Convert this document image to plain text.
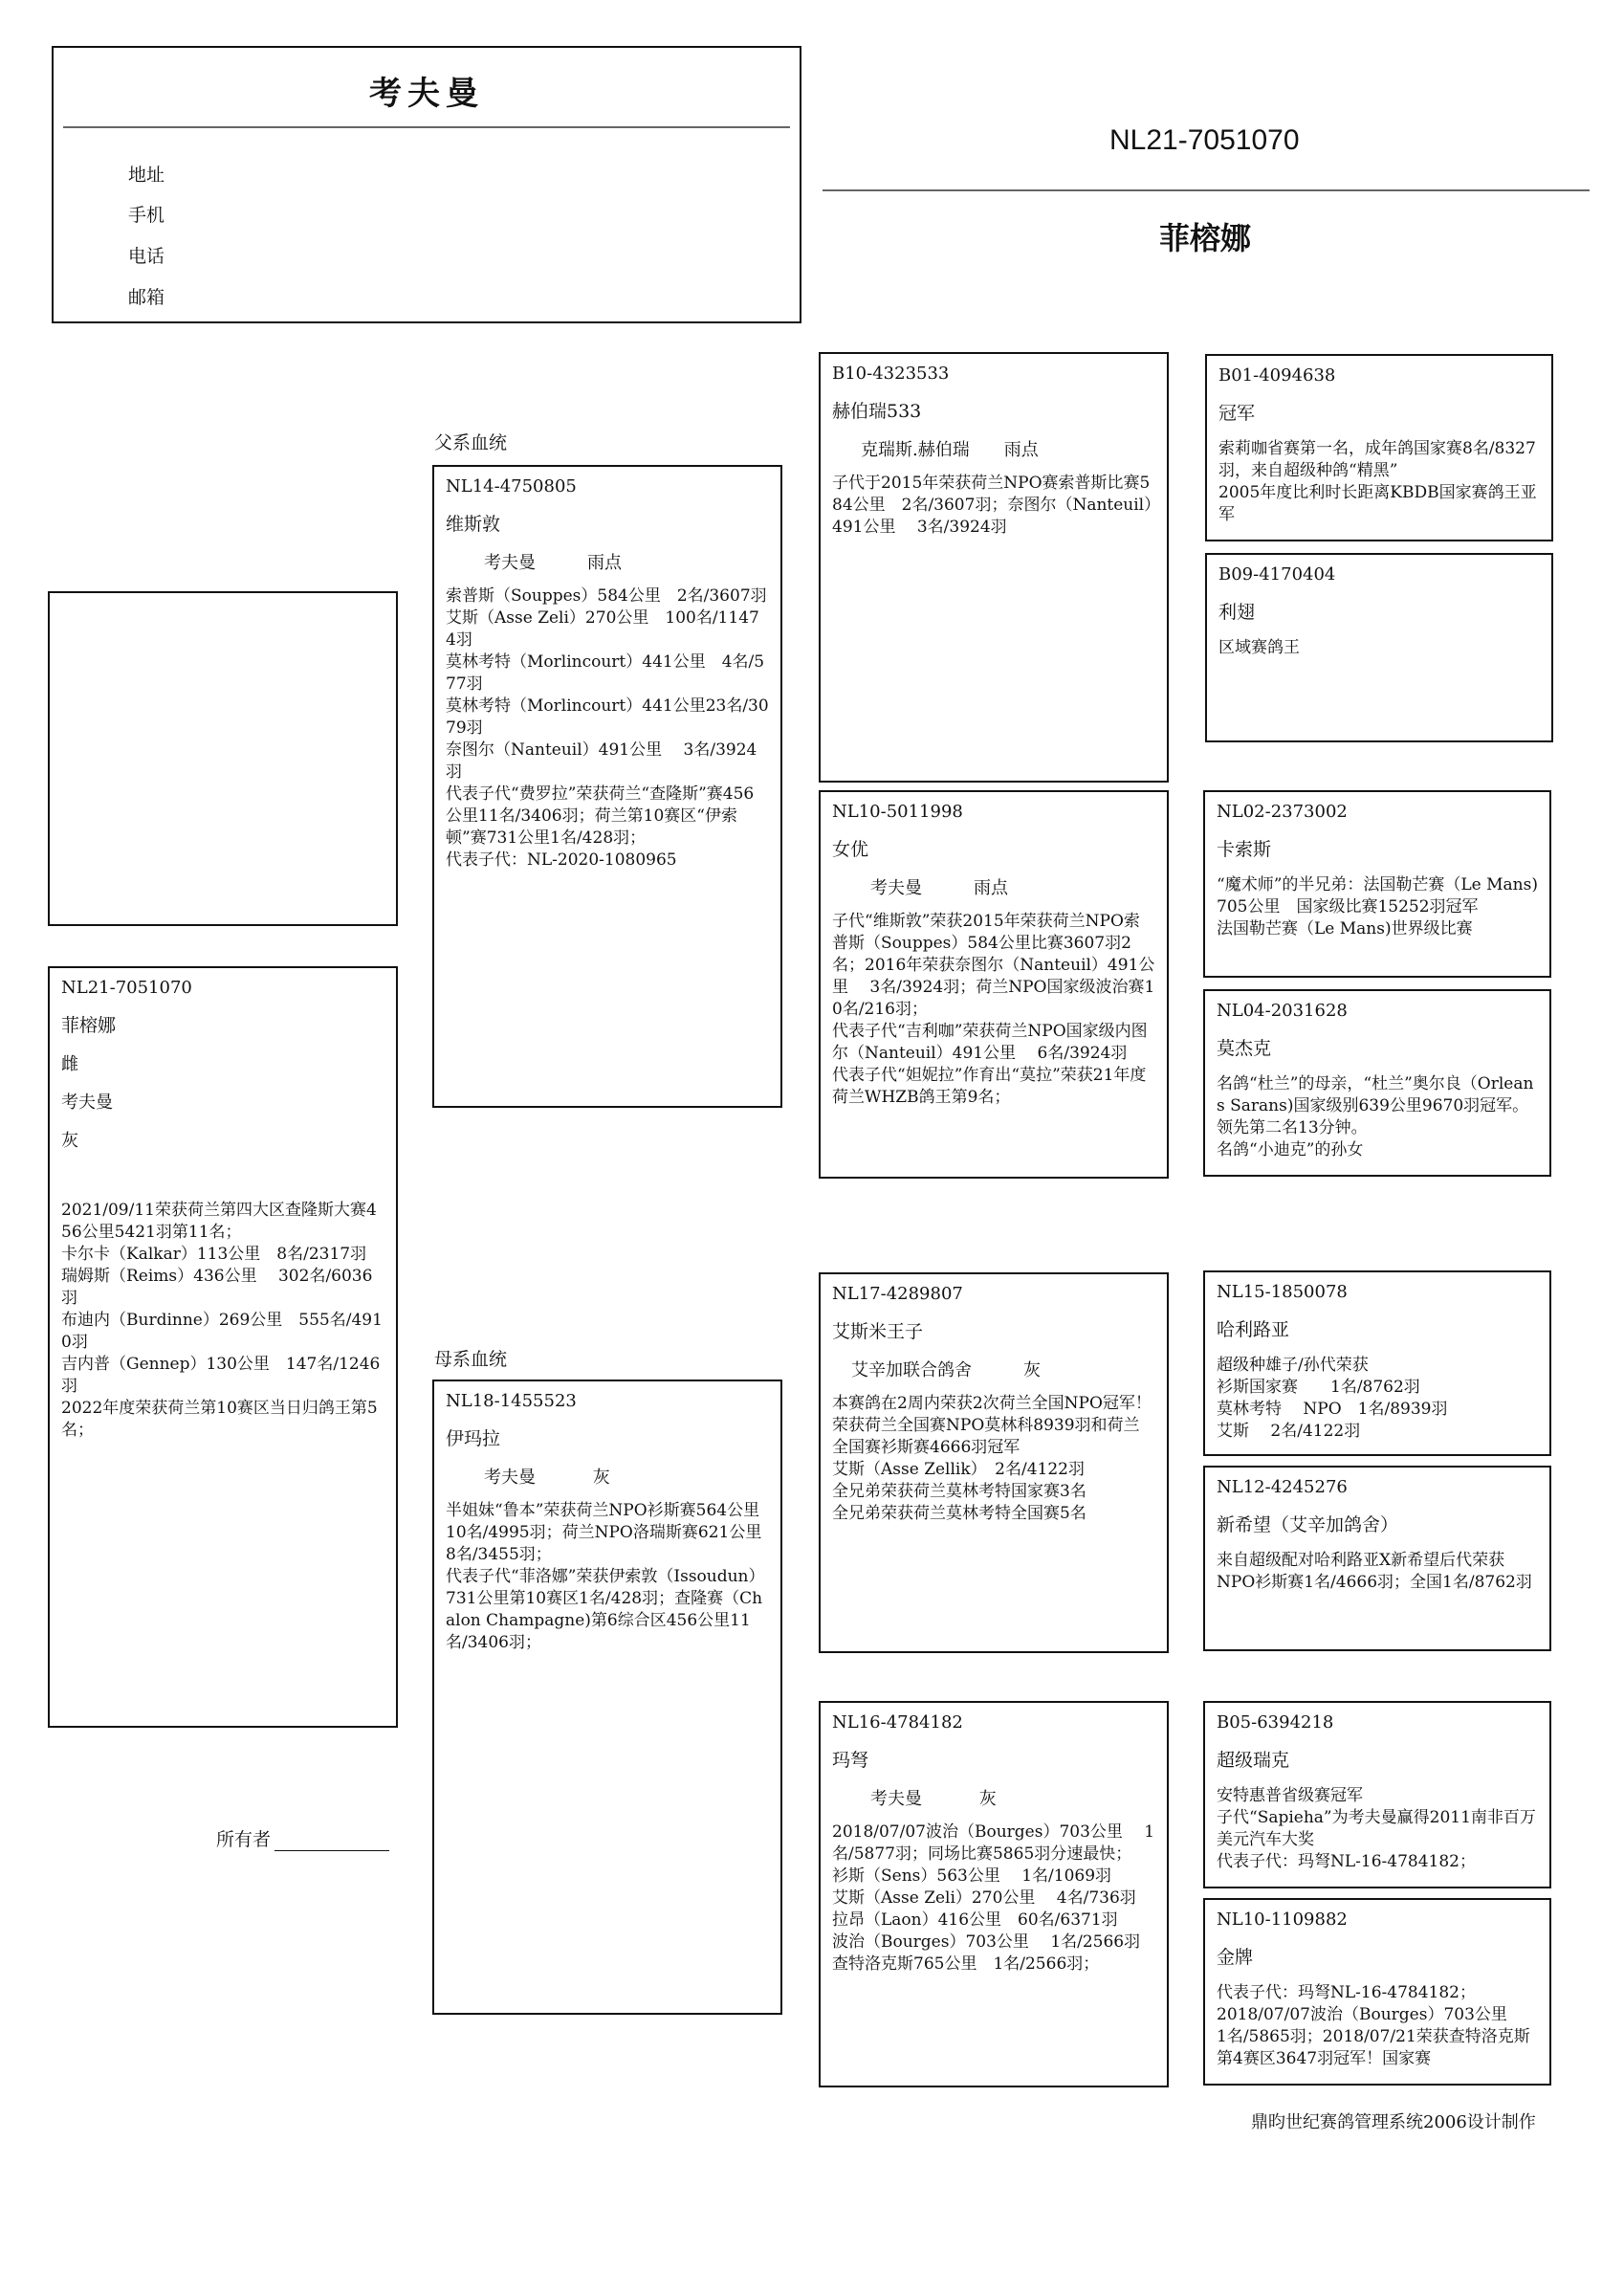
考夫曼
地址
手机
电话
邮箱
NL21-7051070
菲榕娜
NL21-7051070
菲榕娜
雌
考夫曼
灰
2021/09/11荣获荷兰第四大区查隆斯大赛456公里5421羽第11名；
卡尔卡（Kalkar）113公里　8名/2317羽
瑞姆斯（Reims）436公里　 302名/6036羽
布迪内（Burdinne）269公里　555名/4910羽
吉内普（Gennep）130公里　147名/1246羽
2022年度荣获荷兰第10赛区当日归鸽王第5名；
父系血统
母系血统
NL14-4750805
维斯敦
考夫曼　　　雨点
索普斯（Souppes）584公里　2名/3607羽
艾斯（Asse Zeli）270公里　100名/11474羽
莫林考特（Morlincourt）441公里　4名/577羽
莫林考特（Morlincourt）441公里23名/3079羽
奈图尔（Nanteuil）491公里　 3名/3924羽
代表子代“费罗拉”荣获荷兰“查隆斯”赛456公里11名/3406羽；荷兰第10赛区“伊索顿”赛731公里1名/428羽；
代表子代：NL-2020-1080965
NL18-1455523
伊玛拉
考夫曼　　　 灰
半姐妹“鲁本”荣获荷兰NPO衫斯赛564公里10名/4995羽；荷兰NPO洛瑞斯赛621公里8名/3455羽；
代表子代“菲洛娜”荣获伊索敦（Issoudun）731公里第10赛区1名/428羽；查隆赛（Chalon Champagne)第6综合区456公里11名/3406羽；
B10-4323533
赫伯瑞533
克瑞斯.赫伯瑞　　雨点
子代于2015年荣获荷兰NPO赛索普斯比赛584公里　2名/3607羽；奈图尔（Nanteuil）491公里　 3名/3924羽
NL10-5011998
女优
考夫曼　　　雨点
子代“维斯敦”荣获2015年荣获荷兰NPO索普斯（Souppes）584公里比赛3607羽2名；2016年荣获奈图尔（Nanteuil）491公里　 3名/3924羽；荷兰NPO国家级波治赛10名/216羽；
代表子代“吉利咖”荣获荷兰NPO国家级内图尔（Nanteuil）491公里　 6名/3924羽
代表子代“妲妮拉”作育出“莫拉”荣获21年度荷兰WHZB鸽王第9名；
NL17-4289807
艾斯米王子
艾辛加联合鸽舍　　　灰
本赛鸽在2周内荣获2次荷兰全国NPO冠军！
荣获荷兰全国赛NPO莫林科8939羽和荷兰全国赛衫斯赛4666羽冠军
艾斯（Asse Zellik）　2名/4122羽
全兄弟荣获荷兰莫林考特国家赛3名
全兄弟荣获荷兰莫林考特全国赛5名
NL16-4784182
玛弩
考夫曼　　　 灰
2018/07/07波治（Bourges）703公里　 1名/5877羽；同场比赛5865羽分速最快；
衫斯（Sens）563公里　 1名/1069羽
艾斯（Asse Zeli）270公里　 4名/736羽
拉昂（Laon）416公里　60名/6371羽
波治（Bourges）703公里　 1名/2566羽
查特洛克斯765公里　1名/2566羽；
B01-4094638
冠军
索莉咖省赛第一名，成年鸽国家赛8名/8327羽，来自超级种鸽“精黑”
2005年度比利时长距离KBDB国家赛鸽王亚军
B09-4170404
利翅
区域赛鸽王
NL02-2373002
卡索斯
“魔术师”的半兄弟：法国勒芒赛（Le Mans)705公里　国家级比赛15252羽冠军
法国勒芒赛（Le Mans)世界级比赛
NL04-2031628
莫杰克
名鸽“杜兰”的母亲，“杜兰”奥尔良（Orleans Sarans)国家级别639公里9670羽冠军。领先第二名13分钟。
名鸽“小迪克”的孙女
NL15-1850078
哈利路亚
超级种雄子/孙代荣获
衫斯国家赛　　1名/8762羽
莫林考特　 NPO　1名/8939羽
艾斯　 2名/4122羽
NL12-4245276
新希望（艾辛加鸽舍）
来自超级配对哈利路亚X新希望后代荣获
NPO衫斯赛1名/4666羽；全国1名/8762羽
B05-6394218
超级瑞克
安特惠普省级赛冠军
子代“Sapieha”为考夫曼赢得2011南非百万美元汽车大奖
代表子代：玛弩NL-16-4784182；
NL10-1109882
金牌
代表子代：玛弩NL-16-4784182；
2018/07/07波治（Bourges）703公里　 1名/5865羽；2018/07/21荣获查特洛克斯第4赛区3647羽冠军！国家赛
所有者
鼎昀世纪赛鸽管理系统2006设计制作
